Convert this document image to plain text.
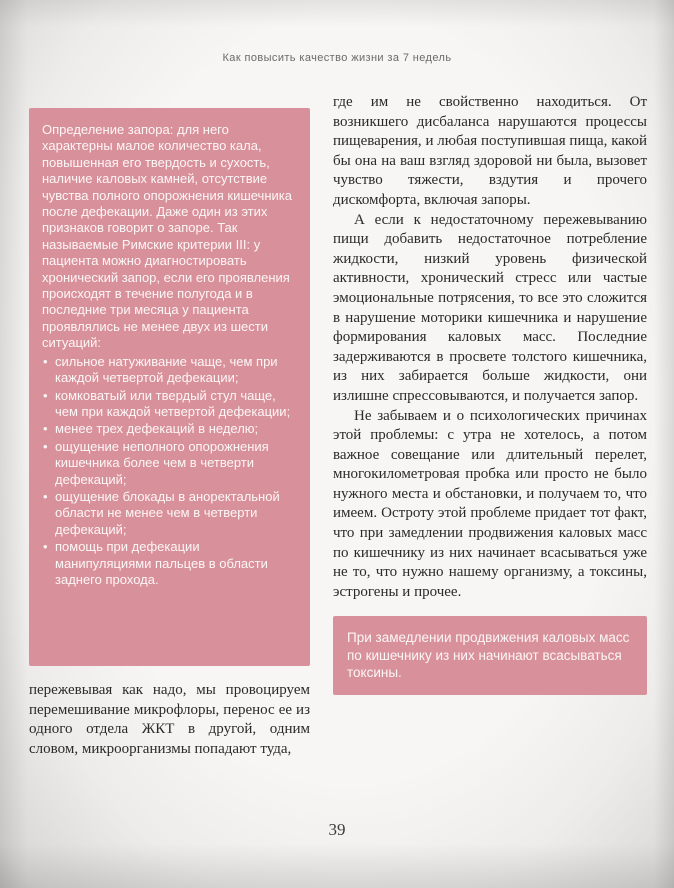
Как повысить качество жизни за 7 недель

Определение запора: для него характерны малое количество кала, повышенная его твердость и сухость, наличие каловых камней, отсутствие чувства полного опорожнения кишечника после дефекации. Даже один из этих признаков говорит о запоре. Так называемые Римские критерии III: у пациента можно диагностировать хронический запор, если его проявления происходят в течение полугода и в последние три месяца у пациента проявлялись не менее двух из шести ситуаций:

• сильное натуживание чаще, чем при каждой четвертой дефекации;
• комковатый или твердый стул чаще, чем при каждой четвертой дефекации;
• менее трех дефекаций в неделю;
• ощущение неполного опорожнения кишечника более чем в четверти дефекаций;
• ощущение блокады в аноректальной области не менее чем в четверти дефекаций;
• помощь при дефекации манипуляциями пальцев в области заднего прохода.

пережевывая как надо, мы провоцируем перемешивание микрофлоры, перенос ее из одного отдела ЖКТ в другой, одним словом, микроорганизмы попадают туда,

где им не свойственно находиться. От возникшего дисбаланса нарушаются процессы пищеварения, и любая поступившая пища, какой бы она на ваш взгляд здоровой ни была, вызовет чувство тяжести, вздутия и прочего дискомфорта, включая запоры.

А если к недостаточному пережевыванию пищи добавить недостаточное потребление жидкости, низкий уровень физической активности, хронический стресс или частые эмоциональные потрясения, то все это сложится в нарушение моторики кишечника и нарушение формирования каловых масс. Последние задерживаются в просвете толстого кишечника, из них забирается больше жидкости, они излишне спрессовываются, и получается запор.

Не забываем и о психологических причинах этой проблемы: с утра не хотелось, а потом важное совещание или длительный перелет, многокилометровая пробка или просто не было нужного места и обстановки, и получаем то, что имеем. Остроту этой проблеме придает тот факт, что при замедлении продвижения каловых масс по кишечнику из них начинает всасываться уже не то, что нужно нашему организму, а токсины, эстрогены и прочее.

При замедлении продвижения каловых масс по кишечнику из них начинают всасываться токсины.
39
